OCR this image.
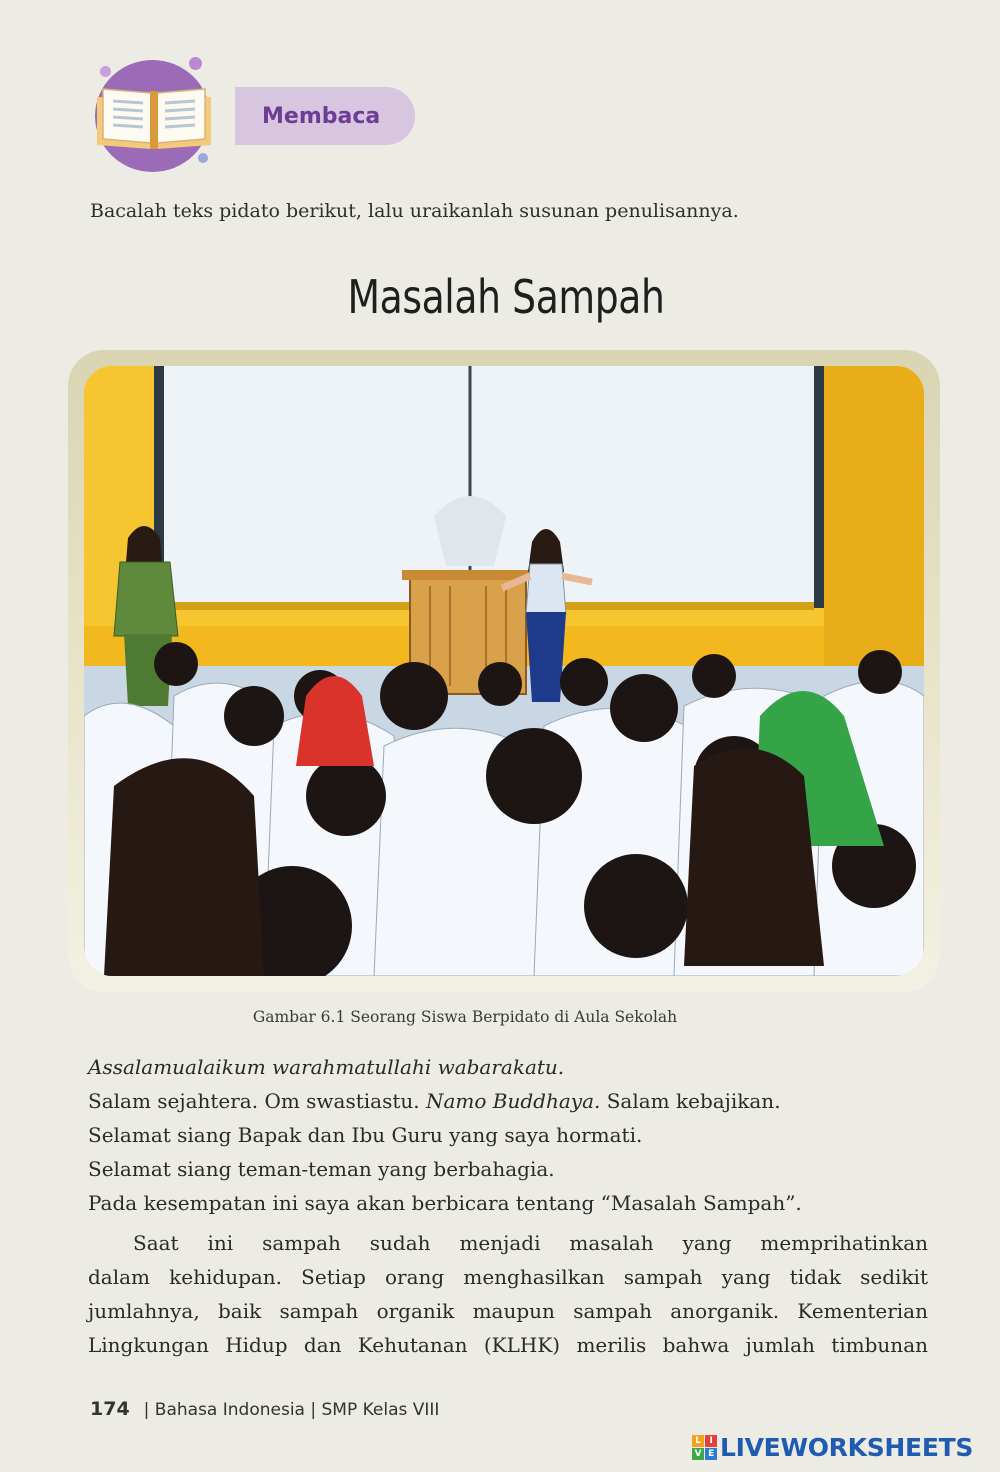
Membaca
Bacalah teks pidato berikut, lalu uraikanlah susunan penulisannya.
Masalah Sampah
Gambar 6.1 Seorang Siswa Berpidato di Aula Sekolah
Assalamualaikum warahmatullahi wabarakatu.
Salam sejahtera. Om swastiastu. Namo Buddhaya. Salam kebajikan.
Selamat siang Bapak dan Ibu Guru yang saya hormati.
Selamat siang teman-teman yang berbahagia.
Pada kesempatan ini saya akan berbicara tentang “Masalah Sampah”.
Saat ini sampah sudah menjadi masalah yang memprihatinkan
dalam kehidupan. Setiap orang menghasilkan sampah yang tidak sedikit
jumlahnya, baik sampah organik maupun sampah anorganik. Kementerian
Lingkungan Hidup dan Kehutanan (KLHK) merilis bahwa jumlah timbunan
174 | Bahasa Indonesia | SMP Kelas VIII
L I
V E LIVEWORKSHEETS
